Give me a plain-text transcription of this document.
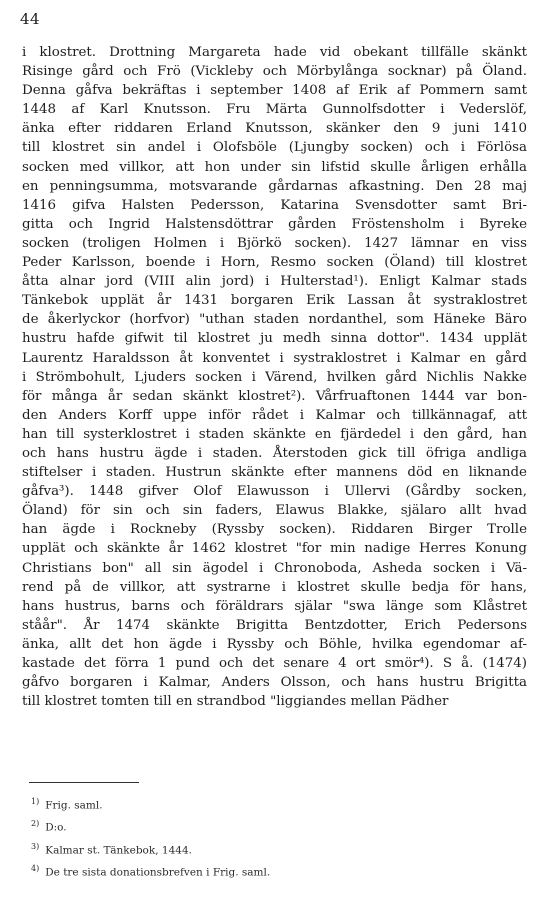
44
i klostret. Drottning Margareta hade vid obekant tillfälle skänkt
Risinge gård och Frö (Vickleby och Mörbylånga socknar) på Öland.
Denna gåfva bekräftas i september 1408 af Erik af Pommern samt
1448 af Karl Knutsson. Fru Märta Gunnolfsdotter i Vederslöf,
änka efter riddaren Erland Knutsson, skänker den 9 juni 1410
till klostret sin andel i Olofsböle (Ljungby socken) och i Förlösa
socken med villkor, att hon under sin lifstid skulle årligen erhålla
en penningsumma, motsvarande gårdarnas afkastning. Den 28 maj
1416 gifva Halsten Pedersson, Katarina Svensdotter samt Bri-
gitta och Ingrid Halstensdöttrar gården Fröstensholm i Byreke
socken (troligen Holmen i Björkö socken). 1427 lämnar en viss
Peder Karlsson, boende i Horn, Resmo socken (Öland) till klostret
åtta alnar jord (VIII alin jord) i Hulterstad¹). Enligt Kalmar stads
Tänkebok upplät år 1431 borgaren Erik Lassan åt systraklostret
de åkerlyckor (horfvor) "uthan staden nordanthel, som Häneke Bäro
hustru hafde gifwit til klostret ju medh sinna dottor". 1434 upplät
Laurentz Haraldsson åt konventet i systraklostret i Kalmar en gård
i Strömbohult, Ljuders socken i Värend, hvilken gård Nichlis Nakke
för många år sedan skänkt klostret²). Vårfruaftonen 1444 var bon-
den Anders Korff uppe inför rådet i Kalmar och tillkännagaf, att
han till systerklostret i staden skänkte en fjärdedel i den gård, han
och hans hustru ägde i staden. Återstoden gick till öfriga andliga
stiftelser i staden. Hustrun skänkte efter mannens död en liknande
gåfva³). 1448 gifver Olof Elawusson i Ullervi (Gårdby socken,
Öland) för sin och sin faders, Elawus Blakke, själaro allt hvad
han ägde i Rockneby (Ryssby socken). Riddaren Birger Trolle
upplät och skänkte år 1462 klostret "for min nadige Herres Konung
Christians bon" all sin ägodel i Chronoboda, Asheda socken i Vä-
rend på de villkor, att systrarne i klostret skulle bedja för hans,
hans hustrus, barns och föräldrars själar "swa länge som Klåstret
ståår". År 1474 skänkte Brigitta Bentzdotter, Erich Pedersons
änka, allt det hon ägde i Ryssby och Böhle, hvilka egendomar af-
kastade det förra 1 pund och det senare 4 ort smör⁴). S å. (1474)
gåfvo borgaren i Kalmar, Anders Olsson, och hans hustru Brigitta
till klostret tomten till en strandbod "liggiandes mellan Pädher
$^{1)}$ Frig. saml.
$^{2)}$ D:o.
$^{3)}$ Kalmar st. Tänkebok, 1444.
$^{4)}$ De tre sista donationsbrefven i Frig. saml.
